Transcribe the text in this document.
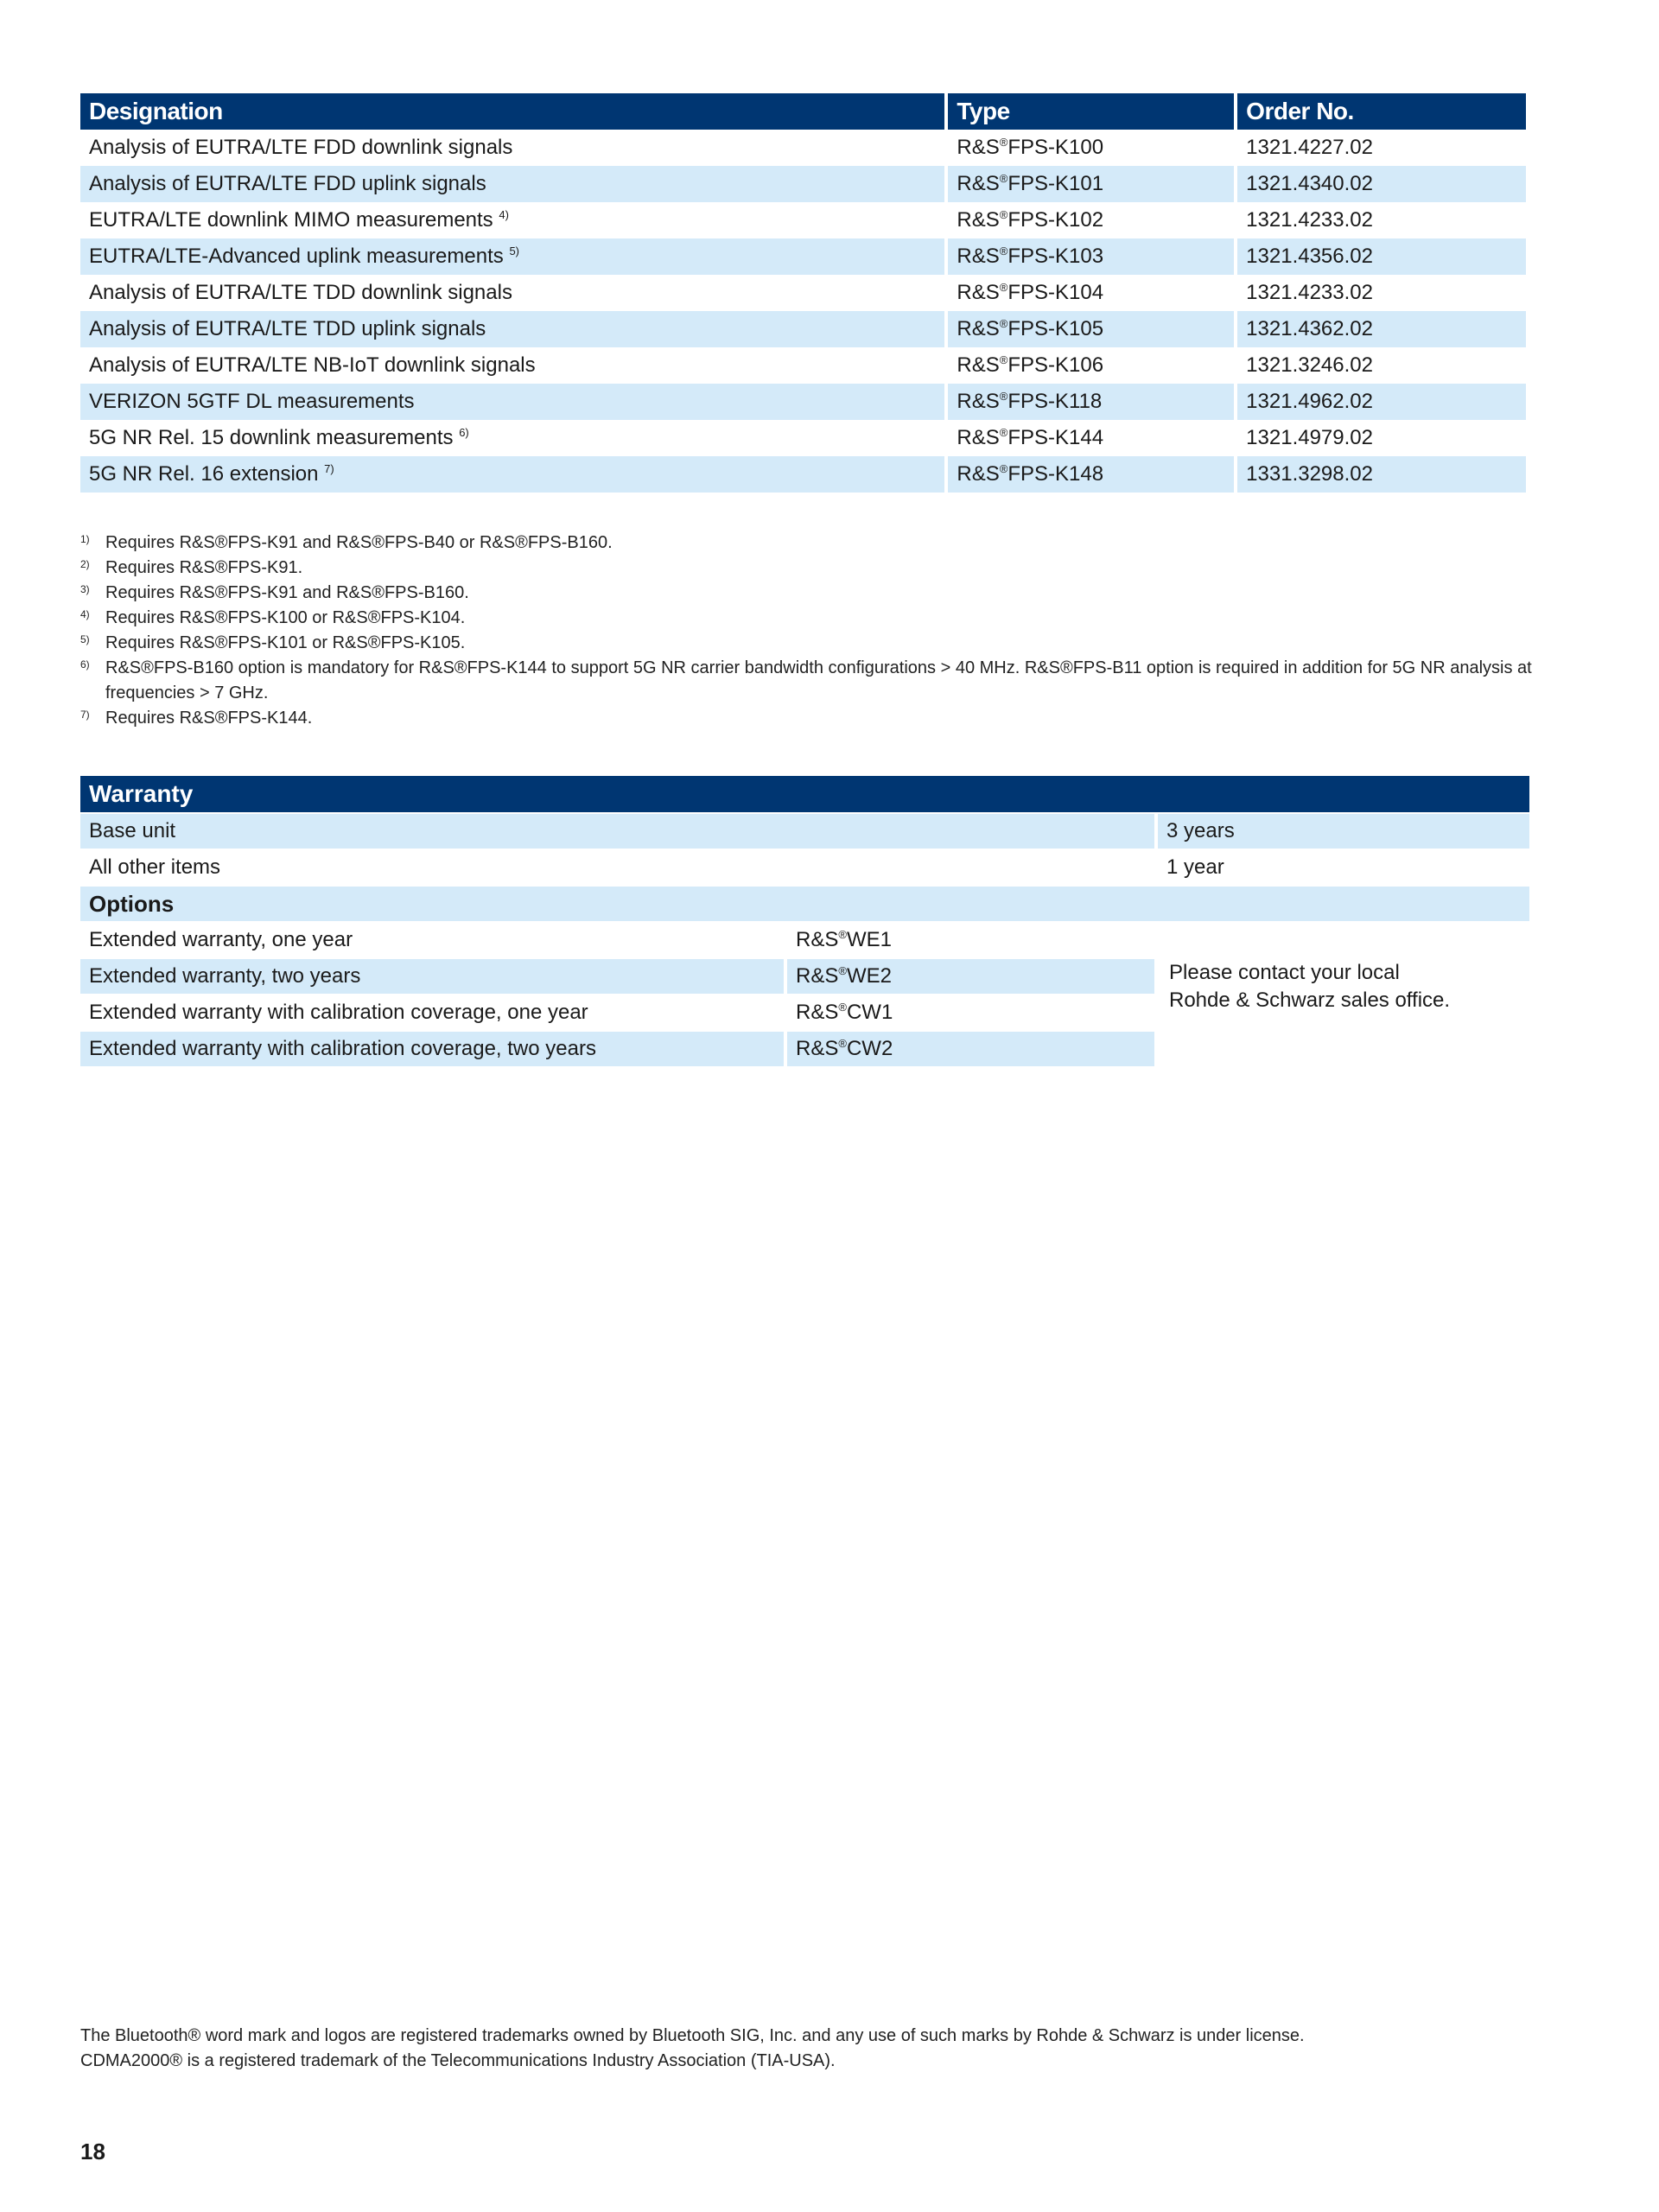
Designation	Type	Order No.
Analysis of EUTRA/LTE FDD downlink signals	R&S®FPS-K100	1321.4227.02
Analysis of EUTRA/LTE FDD uplink signals	R&S®FPS-K101	1321.4340.02
EUTRA/LTE downlink MIMO measurements $^{4)}$	R&S®FPS-K102	1321.4233.02
EUTRA/LTE-Advanced uplink measurements $^{5)}$	R&S®FPS-K103	1321.4356.02
Analysis of EUTRA/LTE TDD downlink signals	R&S®FPS-K104	1321.4233.02
Analysis of EUTRA/LTE TDD uplink signals	R&S®FPS-K105	1321.4362.02
Analysis of EUTRA/LTE NB-IoT downlink signals	R&S®FPS-K106	1321.3246.02
VERIZON 5GTF DL measurements	R&S®FPS-K118	1321.4962.02
5G NR Rel. 15 downlink measurements $^{6)}$	R&S®FPS-K144	1321.4979.02
5G NR Rel. 16 extension $^{7)}$	R&S®FPS-K148	1331.3298.02
1) Requires R&S®FPS-K91 and R&S®FPS-B40 or R&S®FPS-B160.
2) Requires R&S®FPS-K91.
3) Requires R&S®FPS-K91 and R&S®FPS-B160.
4) Requires R&S®FPS-K100 or R&S®FPS-K104.
5) Requires R&S®FPS-K101 or R&S®FPS-K105.
6) R&S®FPS-B160 option is mandatory for R&S®FPS-K144 to support 5G NR carrier bandwidth configurations > 40 MHz. R&S®FPS-B11 option is required in addition for 5G NR analysis at frequencies > 7 GHz.
7) Requires R&S®FPS-K144.
Warranty
Base unit	3 years
All other items	1 year
Options
Extended warranty, one year	R&S®WE1
Extended warranty, two years	R&S®WE2
Extended warranty with calibration coverage, one year	R&S®CW1
Extended warranty with calibration coverage, two years	R&S®CW2
Please contact your local
Rohde & Schwarz sales office.
The Bluetooth® word mark and logos are registered trademarks owned by Bluetooth SIG, Inc. and any use of such marks by Rohde & Schwarz is under license.
CDMA2000® is a registered trademark of the Telecommunications Industry Association (TIA-USA).
18
